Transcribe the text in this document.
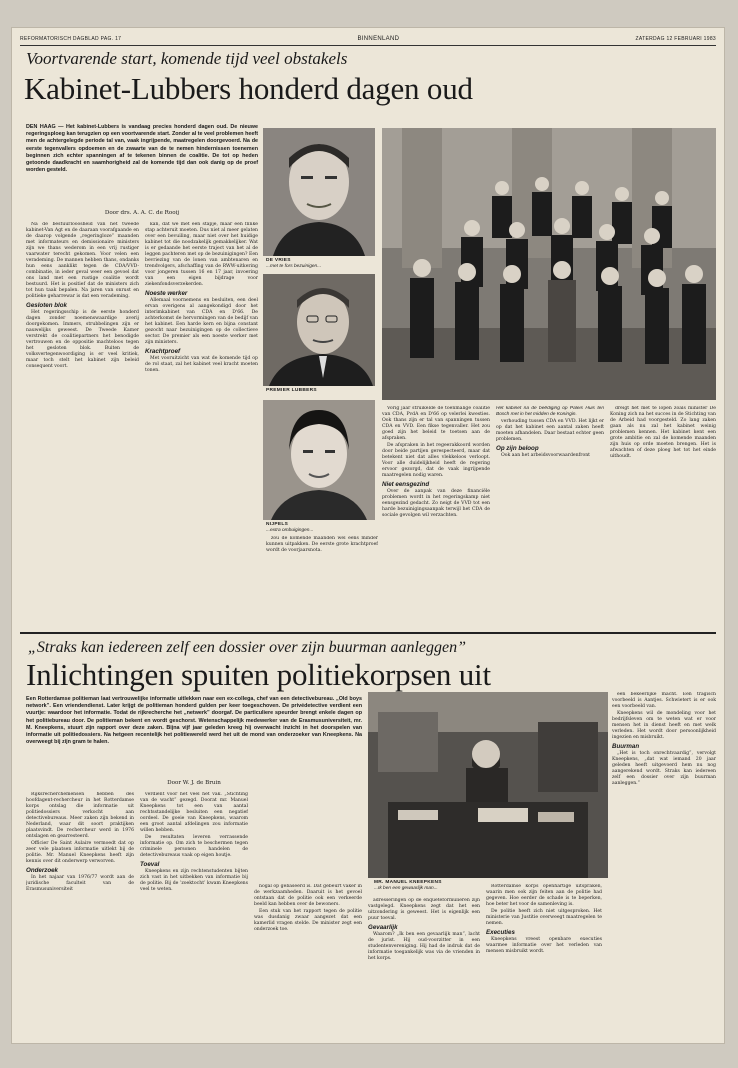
REFORMATORISCH DAGBLAD PAG. 17	BINNENLAND	ZATERDAG 12 FEBRUARI 1983
Voortvarende start, komende tijd veel obstakels
Kabinet-Lubbers honderd dagen oud
DEN HAAG — Het kabinet-Lubbers is vandaag precies honderd dagen oud. De nieuwe regeringsploeg kan terugzien op een voortvarende start. Zonder al te veel problemen heeft men de achtergelegde periode tal van, vaak ingrijpende, maatregelen doorgevoerd. Na de eerste tegenvallers opdoemen en de zwaarte van de te nemen hindernissen toenemen beginnen zich echter spanningen af te tekenen binnen de coalitie. De tot op heden getoonde daadkracht en saamhorigheid zal de komende tijd dan ook danig op de proef worden gesteld.
Door drs. A. A. C. de Rooij

Na de bestuurlooosheid van het tweede kabinet-Van Agt en de daaraan voorafgaande en de daarop volgende „regeringloze” maanden met informateurs en demissionaire ministers zijn we thans wederom in een vrij rustiger vaarwater terecht gekomen. Voor velen een verademing. De mannen hebben thans, ondanks hun eens aanklikt tegen de CDA/VVD-combinatie, in ieder geval weer een gevoel dat ons land met een rustige coalitie wordt bestuurd. Het is positief dat de ministers zich tot hun taak bepalen. Na jaren van onrust en politieke geharrewar is dat een verademing.

Gesloten blok

Het regeringsschip is de eerste honderd dagen zonder noemenswaardige averij doorgekomen. Immers, strubbelingen zijn er nauwelijks geweest. De Tweede Kamer verstrekt de coalitiepartners het benodigde vertrouwen en de oppositie machteloos tegen het gesloten blok. Buiten de volksvertegenwoordiging is er veel kritiek, maar toch stelt het kabinet zijn beleid consequent voort.

kan, dat we met een stapje, maar een flinke stap achteruit moeten. Dus niet al meer gelaten over een bevuiling, maar niet over het huidige kabinet tot die noodzakelijk gemakkelijker. Wat is er gedaande het eerste traject van het al de leggen pachteren met op de bezuinigingen? Een bevriezing van de lonen van ambtenaren en trendvolgers, afschaffing van de RWW-uitkering voor jongeren tussen 16 en 17 jaar, invoering van een eigen bijdrage voor ziekenfondsverzekerden.

Noeste werker

Allemaal voornemens en besluiten, een deel ervan overigens al aangekondigd door het interimkabinet van CDA en D'66. De achterkomst de hervormingen van de bedijf van het kabinet. Een harde kern en bijna constant gezocht naar bezuinigingen op de collectieve sector. De premier als een noeste werker met zijn ministers.

Krachtproef

Met vooruitzicht van wat de komende tijd op de rol staat, zal het kabinet veel kracht moeten tonen.

DE VRIES
...met te fors bezuinigen...
PREMIER LUBBERS
NIJPELS
...extra ombuigingen...

zou de komende maanden wel eens minder kunnen uitpakken. De eerste grote krachtproef wordt de voorjaarsnota.

Vorig jaar struikelde de toenmalige coalitie van CDA, PvdA en D'66 op velerlei kwesties. Ook thans zijn er tal van spanningen tussen CDA en VVD. Een fikse tegenvaller. Het zou goed zijn het beleid te toetsen aan de afspraken.

De afspraken in het regeerakkoord worden door beide partijen gerespecteerd, maar dat betekent niet dat alles vlekkeloos verloopt. Voor alle duidelijkheid heeft de regering ervoor gezorgd, dat de vaak ingrijpende maatregelen nodig waren.

Niet eensgezind

Over de aanpak van deze financiële problemen wordt in het regeringskamp niet eensgezind gedacht. Zo neigt de VVD tot een harde bezuinigingsaanpak terwijl het CDA de sociale gevolgen wil verzachten.

Het kabinet na de beëdiging op Paleis Huis ten Bosch met in het midden de Koningin.

verhouding tussen CDA en VVD. Het lijkt er op dat het kabinet een aantal zaken heeft moeten afhandelen. Daar bestaat echter geen problemen.

Op zijn beloop

Ook aan het arbeidsvoorwaardenfront

dreigt het met te lopen zoals minister De Koning zich na het succes in de Stichting van de Arbeid had voorgesteld. Zo lang zaken gaan als nu zal het kabinet weinig problemen kennen. Het kabinet kent een grote ambitie en zal de komende maanden zijn huis op orde moeten brengen. Het is afwachten of deze ploeg het tot het einde uithoudt.

„Straks kan iedereen zelf een dossier over zijn buurman aanleggen”
Inlichtingen spuiten politiekorpsen uit
Een Rotterdamse politieman laat vertrouwelijke informatie uitlekken naar een ex-collega, chef van een detectivebureau. „Old boys network”. Een vriendendienst. Later krijgt de politieman honderd gulden per keer toegeschoven. De privédetective verdient een vuurtje: waardoor het informatie. Todat de rijkrecherche het „netwerk” doorgaf. De particuliere speurder brengt enkele dagen op het politiebureau door. De politieman bekent en wordt geschorst. Wetenschappelijk medewerker van de Erasmusuniversiteit, mr. M. Kneepkens, stuurt zijn rapport over deze zaken. Bijna vijf jaar geleden kreeg hij overwacht inzicht in het doorspelen van informatie uit politiedossiers. Na hetgeen recentelijk het politiewereld werd het uit de mond van onderzoeker van Kneepkens. Na overweegt bij zijn gram te halen.
Door W. J. de Bruin

Rijksrecherchemensen hebben des hoofdagent-rechercheur in het Rotterdamse korps ontslag die informatie uit politiedossiers verkocht aan detectivebureaus. Meer zaken zijn bekend in Nederland, waar dit soort praktijken plaatsvindt. De rechercheur werd in 1976 ontslagen en gearresteerd.

Officier De Saint Aulaire vermoedt dat op zeer vele plaatsen informatie uitlekt bij de politie. Mr. Manuel Kneepkens heeft zijn kennis over dit onderwerp verworven.

Onderzoek

In het najaar van 1976/77 wordt aan de juridische faculteit van de Erasmusuniversiteit

verdient voor het veel het vak. „Stichting van de wacht” gezegd. Doorat mr. Manuel Kneepkens tot een van aantal rechtsstandelijke besluiten een negatief oordeel. De goeie van Kneepkens, waarom een groot aantal afdelingen zou informatie willen hebben.

De resultaten leveren verrassende informatie op. Om zich te beschermen tegen criminele personen handelen de detectivebureaus vaak op eigen houtje.

Toeval

Kneepkens en zijn rechtenstudenten bijten zich vast in het uitbekken van informatie bij de politie. Bij de ‘zoektocht’ kwam Kneepkens veel te weten.

nogal op gebaseerd is. Dat gebeurt vaker in de werkzaamheden. Daaruit is het gevoel ontstaan dat de politie ook een verkeerde beeld kan hebben over de bewoners.

Een stuk van het rapport tegen de politie was dusdanig zwaar aangezet dat een kamerlid vragen stelde. De minister zegt een onderzoek toe.

MR. MANUEL KNEEPKENS
...Ik ben een gewaarlijk man...

adresseringen op de enquêteformulieren zijn vastgelegd. Kneepkens zegt dat het een uitzondering is geweest. Het is eigenlijk een puur toeval.

Gevaarlijk

Waarom? „Ik ben een gevaarlijk man”, lacht de jurist. Hij oud-voorzitter in een studentenvereniging. Hij had de indruk dat de informatie toegankelijk was via de vrienden in het korps.

Rotterdamse korps openhartige uitspraken, waarin men ook zijn feiten aan de politie had gegeven. Hoe eerder de schade is te beperken, hoe beter het voor de samenleving is.

De politie heeft zich niet uitgesproken. Het ministerie van Justitie overweegt maatregelen te nemen.

Executies

Kneepkens vreest openbare executies waarmee informatie over het verleden van mensen misbruikt wordt.

een bekeerlijke macht. Een tragisch voorbeeld is Aantjes. Schwietert is er ook een voorbeeld van.

Kneepkens wil de mondeling voor het bedrijfsleven om te weten wat er voor mensen het in dienst heeft en met welk verleden. Het wordt door persoonlijkheid ingezien en misbruikt.

Buurman

„Het is toch onrechtvaardig”, vervolgt Kneepkens, „dat wat iemand 20 jaar geleden heeft uitgevoerd hem nu nog aangerekend wordt. Straks kan iedereen zelf een dossier over zijn buurman aanleggen.”
